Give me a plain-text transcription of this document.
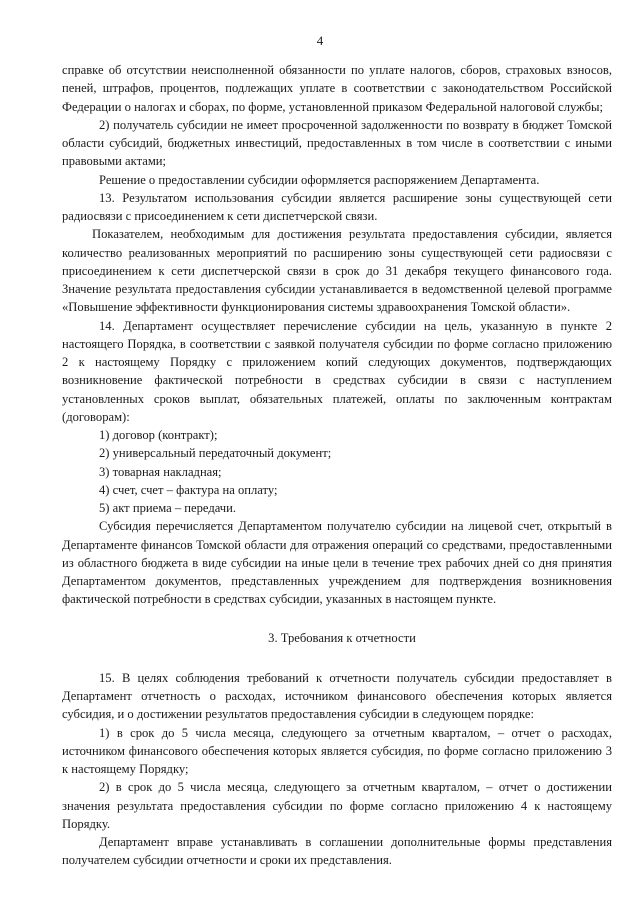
4

справке об отсутствии неисполненной обязанности по уплате налогов, сборов, страховых взносов, пеней, штрафов, процентов, подлежащих уплате в соответствии с законодательством Российской Федерации о налогах и сборах, по форме, установленной приказом Федеральной налоговой службы;

2) получатель субсидии не имеет просроченной задолженности по возврату в бюджет Томской области субсидий, бюджетных инвестиций, предоставленных в том числе в соответствии с иными правовыми актами;

Решение о предоставлении субсидии оформляется распоряжением Департамента.

13. Результатом использования субсидии является расширение зоны существующей сети радиосвязи с присоединением к сети диспетчерской связи.

Показателем, необходимым для достижения результата предоставления субсидии, является количество реализованных мероприятий по расширению зоны существующей сети радиосвязи с присоединением к сети диспетчерской связи в срок до 31 декабря текущего финансового года. Значение результата предоставления субсидии устанавливается в ведомственной целевой программе «Повышение эффективности функционирования системы здравоохранения Томской области».

14. Департамент осуществляет перечисление субсидии на цель, указанную в пункте 2 настоящего Порядка, в соответствии с заявкой получателя субсидии по форме согласно приложению 2 к настоящему Порядку с приложением копий следующих документов, подтверждающих возникновение фактической потребности в средствах субсидии в связи с наступлением установленных сроков выплат, обязательных платежей, оплаты по заключенным контрактам (договорам):

1) договор (контракт);

2) универсальный передаточный документ;

3) товарная накладная;

4) счет, счет – фактура на оплату;

5) акт приема – передачи.

Субсидия перечисляется Департаментом получателю субсидии на лицевой счет, открытый в Департаменте финансов Томской области для отражения операций со средствами, предоставленными из областного бюджета в виде субсидии на иные цели в течение трех рабочих дней со дня принятия Департаментом документов, представленных учреждением для подтверждения возникновения фактической потребности в средствах субсидии, указанных в настоящем пункте.

3. Требования к отчетности

15. В целях соблюдения требований к отчетности получатель субсидии предоставляет в Департамент отчетность о расходах, источником финансового обеспечения которых является субсидия, и о достижении результатов предоставления субсидии в следующем порядке:

1) в срок до 5 числа месяца, следующего за отчетным кварталом, – отчет о расходах, источником финансового обеспечения которых является субсидия, по форме согласно приложению 3 к настоящему Порядку;

2) в срок до 5 числа месяца, следующего за отчетным кварталом, – отчет о достижении значения результата предоставления субсидии по форме согласно приложению 4 к настоящему Порядку.

Департамент вправе устанавливать в соглашении дополнительные формы представления получателем субсидии отчетности и сроки их представления.
